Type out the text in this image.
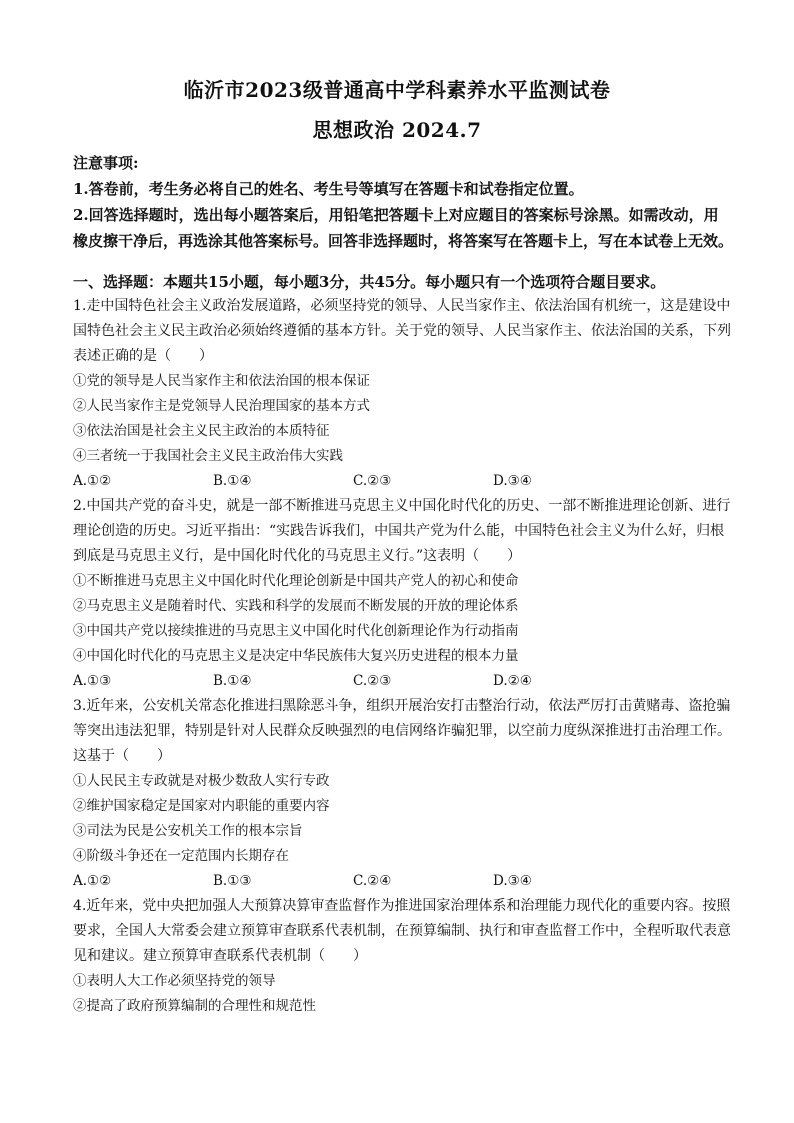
临沂市2023级普通高中学科素养水平监测试卷
思想政治 2024.7
注意事项:
1.答卷前，考生务必将自己的姓名、考生号等填写在答题卡和试卷指定位置。
2.回答选择题时，选出每小题答案后，用铅笔把答题卡上对应题目的答案标号涂黑。如需改动，用橡皮擦干净后，再选涂其他答案标号。回答非选择题时，将答案写在答题卡上，写在本试卷上无效。
一、选择题：本题共15小题，每小题3分，共45分。每小题只有一个选项符合题目要求。
1.走中国特色社会主义政治发展道路，必须坚持党的领导、人民当家作主、依法治国有机统一，这是建设中国特色社会主义民主政治必须始终遵循的基本方针。关于党的领导、人民当家作主、依法治国的关系，下列表述正确的是（　　）
①党的领导是人民当家作主和依法治国的根本保证
②人民当家作主是党领导人民治理国家的基本方式
③依法治国是社会主义民主政治的本质特征
④三者统一于我国社会主义民主政治伟大实践
A.①②	B.①④	C.②③	D.③④
2.中国共产党的奋斗史，就是一部不断推进马克思主义中国化时代化的历史、一部不断推进理论创新、进行理论创造的历史。习近平指出：“实践告诉我们，中国共产党为什么能，中国特色社会主义为什么好，归根到底是马克思主义行，是中国化时代化的马克思主义行。”这表明（　　）
①不断推进马克思主义中国化时代化理论创新是中国共产党人的初心和使命
②马克思主义是随着时代、实践和科学的发展而不断发展的开放的理论体系
③中国共产党以接续推进的马克思主义中国化时代化创新理论作为行动指南
④中国化时代化的马克思主义是决定中华民族伟大复兴历史进程的根本力量
A.①③	B.①④	C.②③	D.②④
3.近年来，公安机关常态化推进扫黑除恶斗争，组织开展治安打击整治行动，依法严厉打击黄赌毒、盗抢骗等突出违法犯罪，特别是针对人民群众反映强烈的电信网络诈骗犯罪，以空前力度纵深推进打击治理工作。这基于（　　）
①人民民主专政就是对极少数敌人实行专政
②维护国家稳定是国家对内职能的重要内容
③司法为民是公安机关工作的根本宗旨
④阶级斗争还在一定范围内长期存在
A.①②	B.①③	C.②④	D.③④
4.近年来，党中央把加强人大预算决算审查监督作为推进国家治理体系和治理能力现代化的重要内容。按照要求，全国人大常委会建立预算审查联系代表机制，在预算编制、执行和审查监督工作中，全程听取代表意见和建议。建立预算审查联系代表机制（　　）
①表明人大工作必须坚持党的领导
②提高了政府预算编制的合理性和规范性
